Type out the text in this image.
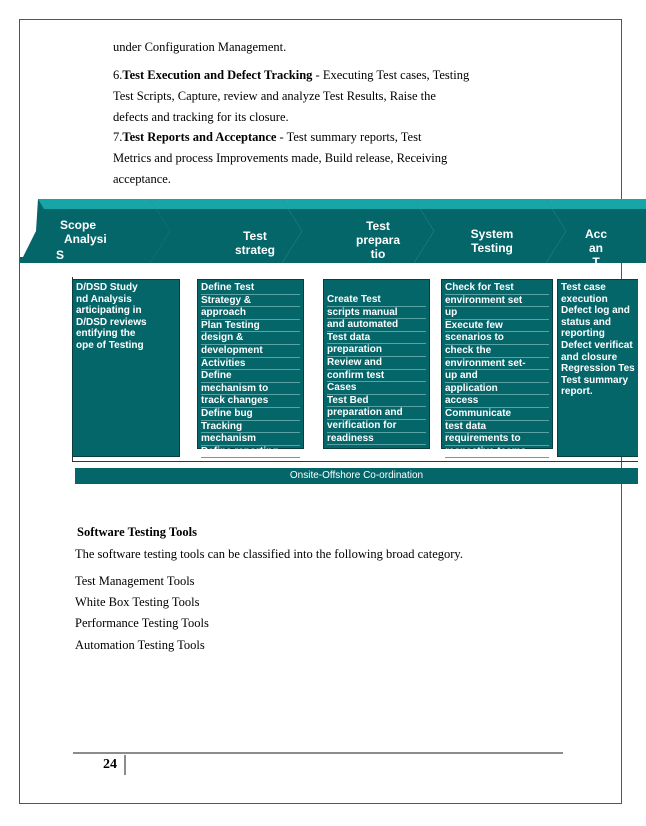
under Configuration Management.
6.Test Execution and Defect Tracking - Executing Test cases, Testing
Test Scripts, Capture, review and analyze Test Results, Raise the
defects and tracking for its closure.
7.Test Reports and Acceptance - Test summary reports, Test
Metrics and process Improvements made, Build release, Receiving
acceptance.
Scope
Analysi
S
Test
strateg
Test
prepara
tio
System
Testing
Acc
an
T
D/DSD Study
nd Analysis
articipating in
D/DSD reviews
entifying the
ope of Testing
Define Test
Strategy &
approach
Plan Testing
design &
development
Activities
Define
mechanism to
track changes
Define bug
Tracking
mechanism
Define reporting
Create Test
scripts manual
and automated
Test data
preparation
Review and
confirm test
Cases
Test Bed
preparation and
verification for
readiness
Check for Test
environment set
up
Execute few
scenarios to
check the
environment set-
up and
application
access
Communicate
test data
requirements to
respective teams
Test case
execution
Defect log and
status and
reporting
Defect verificat
and closure
Regression Tes
Test summary
report.
Onsite-Offshore Co-ordination
Software Testing Tools
The software testing tools can be classified into the following broad category.
Test Management Tools
White Box Testing Tools
Performance Testing Tools
Automation Testing Tools
24
